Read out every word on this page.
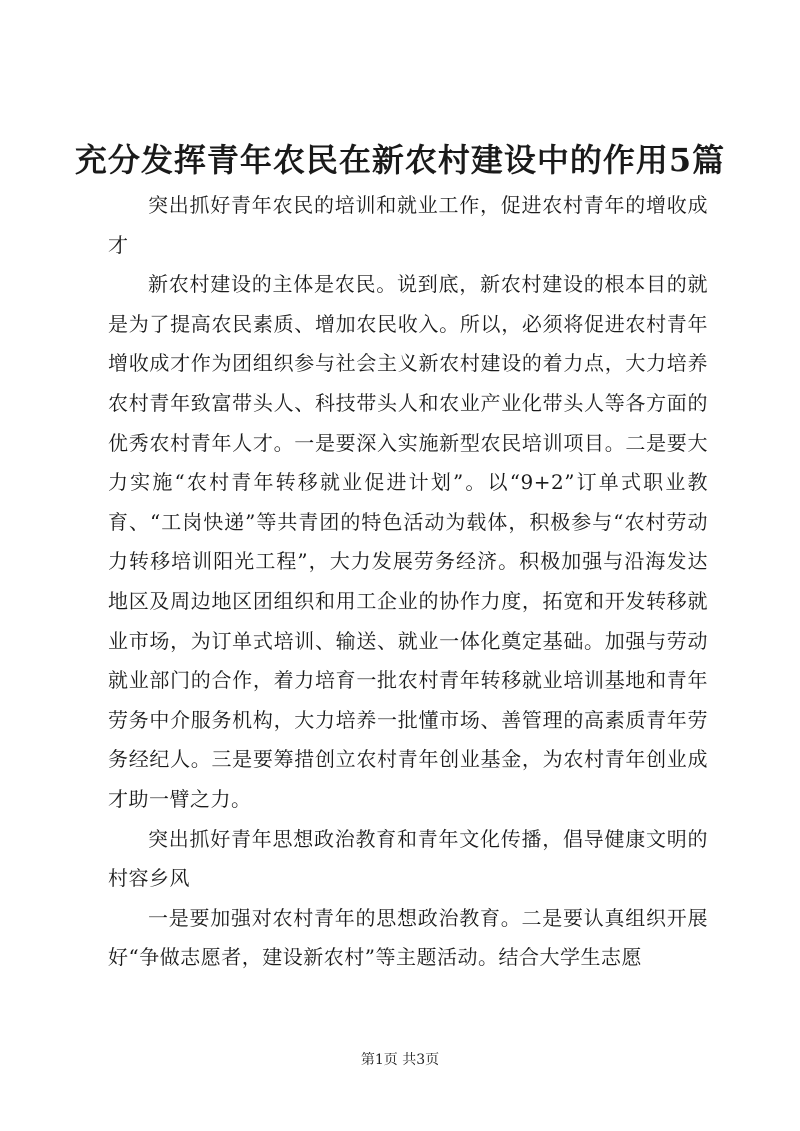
充分发挥青年农民在新农村建设中的作用5篇

突出抓好青年农民的培训和就业工作，促进农村青年的增收成才

新农村建设的主体是农民。说到底，新农村建设的根本目的就是为了提高农民素质、增加农民收入。所以，必须将促进农村青年增收成才作为团组织参与社会主义新农村建设的着力点，大力培养农村青年致富带头人、科技带头人和农业产业化带头人等各方面的优秀农村青年人才。一是要深入实施新型农民培训项目。二是要大力实施“农村青年转移就业促进计划”。以“9+2”订单式职业教育、“工岗快递”等共青团的特色活动为载体，积极参与“农村劳动力转移培训阳光工程”，大力发展劳务经济。积极加强与沿海发达地区及周边地区团组织和用工企业的协作力度，拓宽和开发转移就业市场，为订单式培训、输送、就业一体化奠定基础。加强与劳动就业部门的合作，着力培育一批农村青年转移就业培训基地和青年劳务中介服务机构，大力培养一批懂市场、善管理的高素质青年劳务经纪人。三是要筹措创立农村青年创业基金，为农村青年创业成才助一臂之力。

突出抓好青年思想政治教育和青年文化传播，倡导健康文明的村容乡风

一是要加强对农村青年的思想政治教育。二是要认真组织开展好“争做志愿者，建设新农村”等主题活动。结合大学生志愿

第1页 共3页
